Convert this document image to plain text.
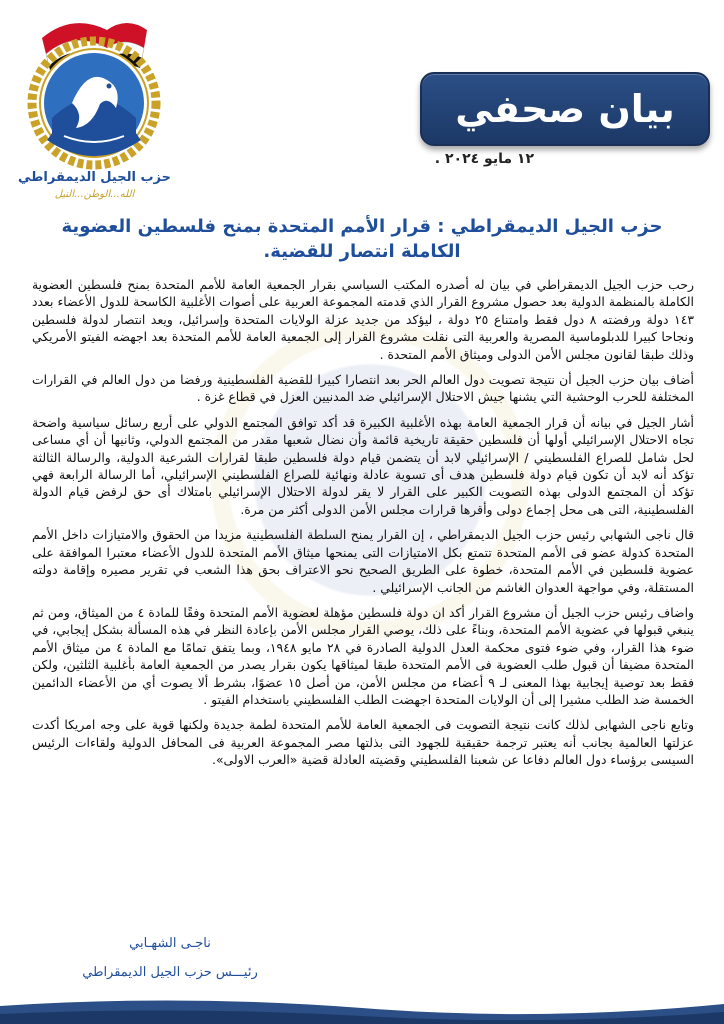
حزب الجيل الديمقراطي
الله...الوطن...النيل
بيان صحفي
١٢ مايو ٢٠٢٤ .
حزب الجيل الديمقراطي : قرار الأمم المتحدة بمنح فلسطين العضوية الكاملة انتصار للقضية.

رحب حزب الجيل الديمقراطي في بيان له أصدره المكتب السياسي بقرار الجمعية العامة للأمم المتحدة بمنح فلسطين العضوية الكاملة بالمنظمة الدولية بعد حصول مشروع القرار الذي قدمته المجموعة العربية على أصوات الأغلبية الكاسحة للدول الأعضاء بعدد ١٤٣ دولة ورفضته ٨ دول فقط وامتناع ٢٥ دولة ، ليؤكد من جديد عزلة الولايات المتحدة وإسرائيل، ويعد انتصار لدولة فلسطين ونجاحا كبيرا للدبلوماسية المصرية والعربية التى نقلت مشروع القرار إلى الجمعية العامة للأمم المتحدة بعد اجهضه الفيتو الأمريكي وذلك طبقا لقانون مجلس الأمن الدولى وميثاق الأمم المتحدة .

أضاف بيان حزب الجيل أن نتيجة تصويت دول العالم الحر بعد انتصارا كبيرا للقضية الفلسطينية ورفضا من دول العالم في القرارات المختلفة للحرب الوحشية التي يشنها جيش الاحتلال الإسرائيلي ضد المدنيين العزل في قطاع غزة .

أشار الجيل في بيانه أن قرار الجمعية العامة بهذه الأغلبية الكبيرة قد أكد توافق المجتمع الدولي على أربع رسائل سياسية واضحة تجاه الاحتلال الإسرائيلي أولها أن فلسطين حقيقة تاريخية قائمة وأن نضال شعبها مقدر من المجتمع الدولي، وثانيها أن أي مساعى لحل شامل للصراع الفلسطيني / الإسرائيلي لابد أن يتضمن قيام دولة فلسطين طبقا لقرارات الشرعية الدولية، والرسالة الثالثة تؤكد أنه لابد أن تكون قيام دولة فلسطين هدف أى تسوية عادلة ونهائية للصراع الفلسطيني الإسرائيلي، أما الرسالة الرابعة فهي تؤكد أن المجتمع الدولى بهذه التصويت الكبير على القرار لا يقر لدولة الاحتلال الإسرائيلي بامتلاك أى حق لرفض قيام الدولة الفلسطينية، التى هى محل إجماع دولى وأقرها قرارات مجلس الأمن الدولى أكثر من مرة.

قال ناجى الشهابي رئيس حزب الجيل الديمقراطي ، إن القرار يمنح السلطة الفلسطينية مزيدا من الحقوق والامتيازات داخل الأمم المتحدة كدولة عضو فى الأمم المتحدة تتمتع بكل الامتيازات التى يمنحها ميثاق الأمم المتحدة للدول الأعضاء معتبرا الموافقة على عضوية فلسطين في الأمم المتحدة، خطوة على الطريق الصحيح نحو الاعتراف بحق هذا الشعب في تقرير مصيره وإقامة دولته المستقلة، وفي مواجهة العدوان الغاشم من الجانب الإسرائيلي .

واضاف رئيس حزب الجيل أن مشروع القرار أكد ان دولة فلسطين مؤهلة لعضوية الأمم المتحدة وفقًا للمادة ٤ من الميثاق، ومن ثم ينبغي قبولها في عضوية الأمم المتحدة، وبناءً على ذلك، يوصي القرار مجلس الأمن بإعادة النظر في هذه المسألة بشكل إيجابي، في ضوء هذا القرار، وفي ضوء فتوى محكمة العدل الدولية الصادرة في ٢٨ مايو ١٩٤٨، وبما يتفق تمامًا مع المادة ٤ من ميثاق الأمم المتحدة مضيفا أن قبول طلب العضوية فى الأمم المتحدة طبقا لميثاقها يكون بقرار يصدر من الجمعية العامة بأغلبية الثلثين، ولكن فقط بعد توصية إيجابية بهذا المعنى لـ ٩ أعضاء من مجلس الأمن، من أصل ١٥ عضوًا، بشرط ألا يصوت أي من الأعضاء الدائمين الخمسة ضد الطلب مشيرا إلى أن الولايات المتحدة اجهضت الطلب الفلسطيني باستخدام الفيتو .

وتابع ناجى الشهابى لذلك كانت نتيجة التصويت فى الجمعية العامة للأمم المتحدة لطمة جديدة ولكنها قوية على وجه امريكا أكدت عزلتها العالمية بجانب أنه يعتبر ترجمة حقيقية للجهود التى بذلتها مصر المجموعة العربية فى المحافل الدولية ولقاءات الرئيس السيسى برؤساء دول العالم دفاعا عن شعبنا الفلسطيني وقضيته العادلة قضية «العرب الاولى».

ناجـى الشهـابي
رئيـــس حزب الجيل الديمقراطي
